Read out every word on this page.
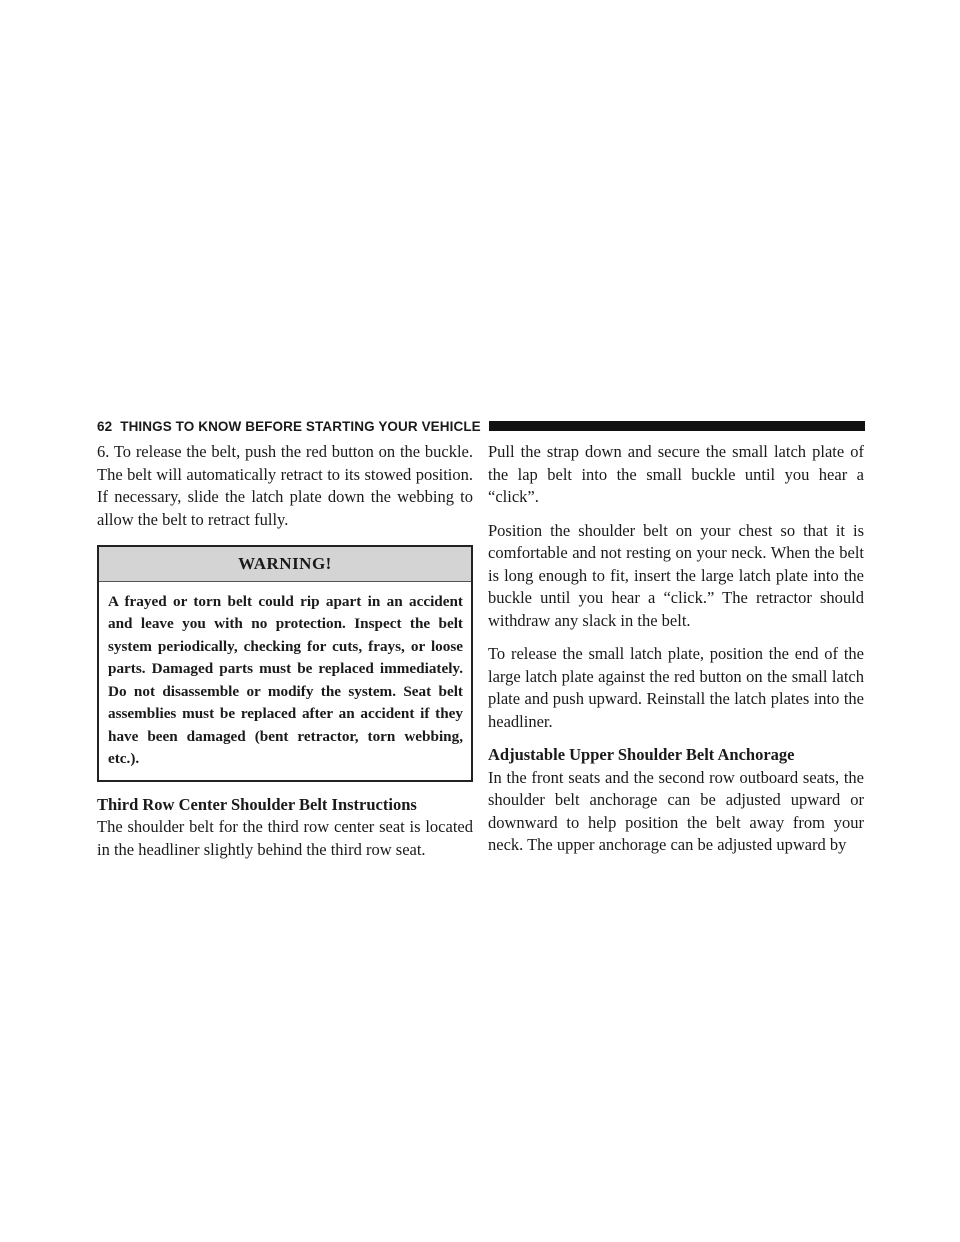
62 THINGS TO KNOW BEFORE STARTING YOUR VEHICLE

6. To release the belt, push the red button on the buckle. The belt will automatically retract to its stowed position. If necessary, slide the latch plate down the webbing to allow the belt to retract fully.

WARNING!
A frayed or torn belt could rip apart in an accident and leave you with no protection. Inspect the belt system periodically, checking for cuts, frays, or loose parts. Damaged parts must be replaced immediately. Do not disassemble or modify the system. Seat belt assemblies must be replaced after an accident if they have been damaged (bent retractor, torn webbing, etc.).
Third Row Center Shoulder Belt Instructions

The shoulder belt for the third row center seat is located in the headliner slightly behind the third row seat.

Pull the strap down and secure the small latch plate of the lap belt into the small buckle until you hear a “click”.

Position the shoulder belt on your chest so that it is comfortable and not resting on your neck. When the belt is long enough to fit, insert the large latch plate into the buckle until you hear a “click.” The retractor should withdraw any slack in the belt.

To release the small latch plate, position the end of the large latch plate against the red button on the small latch plate and push upward. Reinstall the latch plates into the headliner.

Adjustable Upper Shoulder Belt Anchorage

In the front seats and the second row outboard seats, the shoulder belt anchorage can be adjusted upward or downward to help position the belt away from your neck. The upper anchorage can be adjusted upward by
